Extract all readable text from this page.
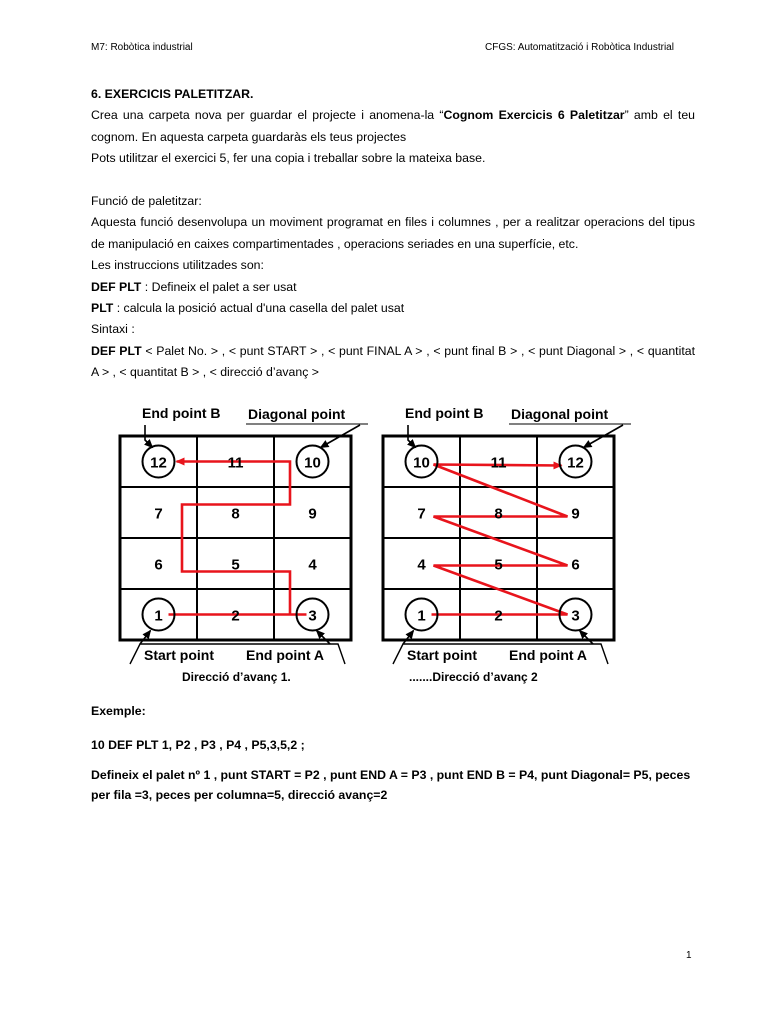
M7: Robòtica industrial	CFGS: Automatització i Robòtica Industrial

6. EXERCICIS PALETITZAR.

Crea una carpeta nova per guardar el projecte i anomena-la “Cognom Exercicis 6 Paletitzar” amb el teu cognom. En aquesta carpeta guardaràs els teus projectes

Pots utilitzar el exercici 5, fer una copia i treballar sobre la mateixa base.

Funció de paletitzar:

Aquesta funció desenvolupa un moviment programat en files i columnes , per a realitzar operacions del tipus de manipulació en caixes compartimentades , operacions seriades en una superfície, etc.

Les instruccions utilitzades son:

DEF PLT : Defineix el palet a ser usat

PLT : calcula la posició actual d'una casella del palet usat

Sintaxi :

DEF PLT < Palet No. > , < punt START > , < punt FINAL A > , < punt final B > , < punt Diagonal > , < quantitat A > , < quantitat B > , < direcció d’avanç >

12	11	10
7	8	9
6	5	4
1	2	3
End point B Diagonal point
Start point End point A
Direcció d’avanç 1.
10	11	12
7	8	9
4	5	6
1	2	3
End point B Diagonal point
Start point End point A
.......Direcció d’avanç 2
Exemple:
10 DEF PLT 1, P2 , P3 , P4 , P5,3,5,2 ;
Defineix el palet nº 1 , punt START = P2 , punt END A = P3 , punt END B = P4, punt Diagonal= P5, peces per fila =3, peces per columna=5, direcció avanç=2
1
